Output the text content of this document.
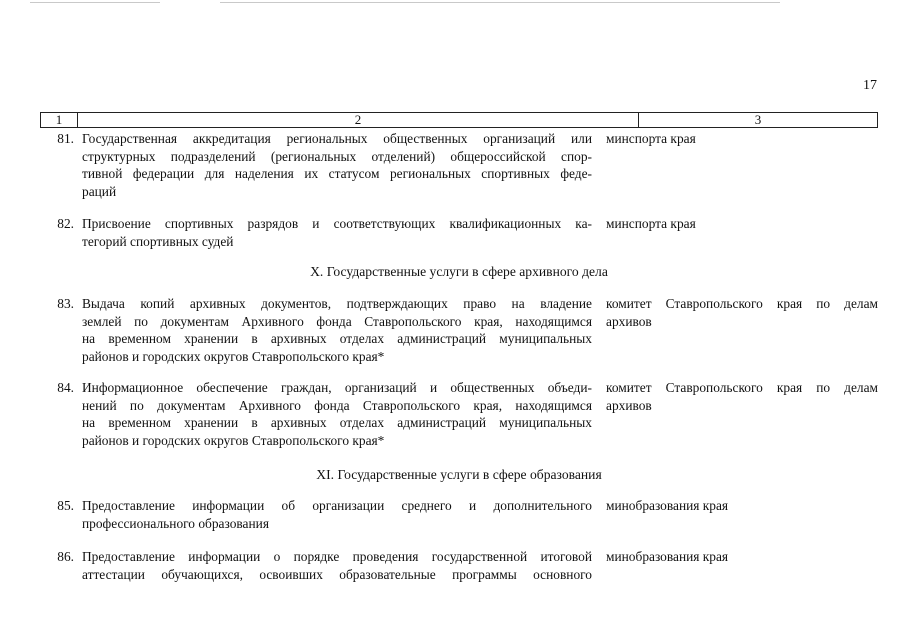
17
1	2	3
81. Государственная аккредитация региональных общественных организаций или
структурных подразделений (региональных отделений) общероссийской спор-
тивной федерации для наделения их статусом региональных спортивных феде-
раций
минспорта края
82. Присвоение спортивных разрядов и соответствующих квалификационных ка-
тегорий спортивных судей
минспорта края
X. Государственные услуги в сфере архивного дела
83. Выдача копий архивных документов, подтверждающих право на владение
землей по документам Архивного фонда Ставропольского края, находящимся
на временном хранении в архивных отделах администраций муниципальных
районов и городских округов Ставропольского края*
комитет Ставропольского края по делам
архивов
84. Информационное обеспечение граждан, организаций и общественных объеди-
нений по документам Архивного фонда Ставропольского края, находящимся
на временном хранении в архивных отделах администраций муниципальных
районов и городских округов Ставропольского края*
комитет Ставропольского края по делам
архивов
XI. Государственные услуги в сфере образования
85. Предоставление информации об организации среднего и дополнительного
профессионального образования
минобразования края
86. Предоставление информации о порядке проведения государственной итоговой
аттестации обучающихся, освоивших образовательные программы основного
минобразования края
